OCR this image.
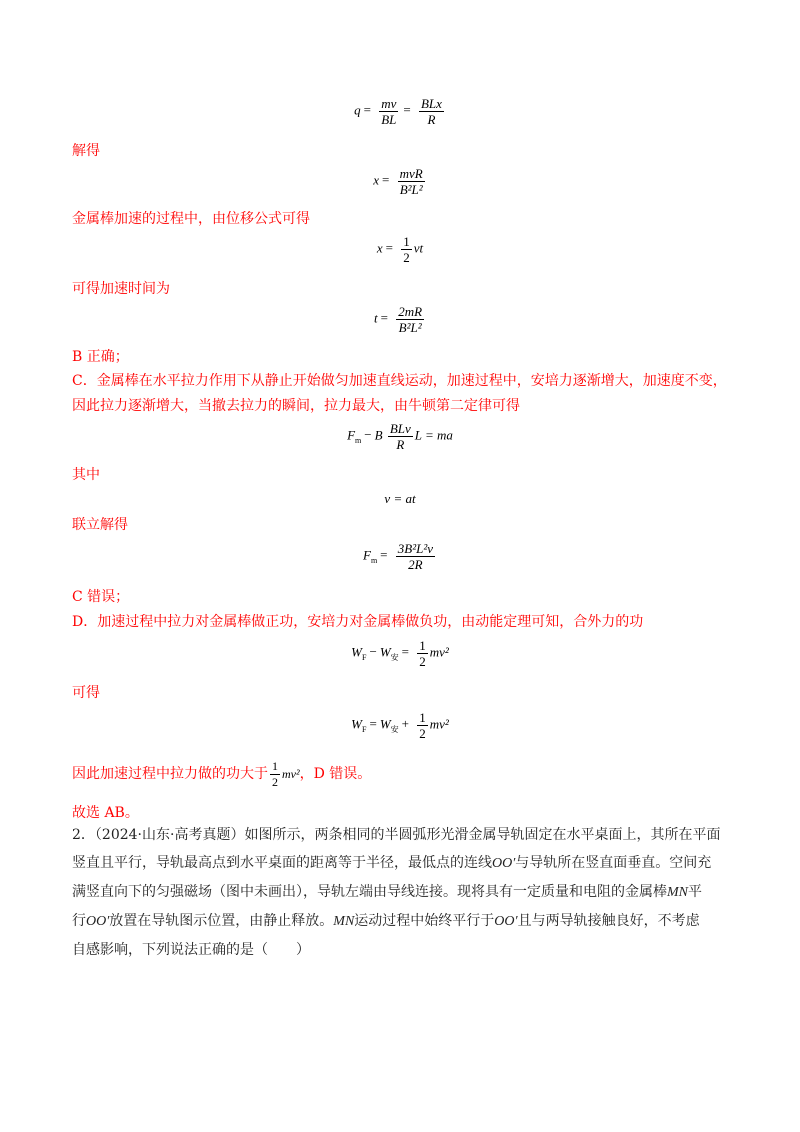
$q = \frac{mv}{BL} = \frac{\text{BLx}}{R}$
解得
$x = \frac{\text{mvR}}{\text{B²L²}}$
金属棒加速的过程中，由位移公式可得
$x = \frac{1}{2}$ vt
可得加速时间为
$t = \frac{2mR}{\text{B²L²}}$
B 正确；
C．金属棒在水平拉力作用下从静止开始做匀加速直线运动，加速过程中，安培力逐渐增大，加速度不变，
因此拉力逐渐增大，当撤去拉力的瞬间，拉力最大，由牛顿第二定律可得
$F_m - B \frac{\text{BLv}}{R}$ L = ma
其中
v = at
联立解得
$F_m = \frac{\text{3B²L²v}}{2R}$
C 错误；
D．加速过程中拉力对金属棒做正功，安培力对金属棒做负功，由动能定理可知，合外力的功
$W_F - W_安 = \frac{1}{2} mv^2$
可得
$W_F = W_安 + \frac{1}{2} mv^2$
因此加速过程中拉力做的功大于 $\frac{1}{2} mv^2$，D 错误。
故选 AB。
2．（2024·山东·高考真题）如图所示，两条相同的半圆弧形光滑金属导轨固定在水平桌面上，其所在平面
竖直且平行，导轨最高点到水平桌面的距离等于半径，最低点的连线OO′与导轨所在竖直面垂直。空间充
满竖直向下的匀强磁场（图中未画出），导轨左端由导线连接。现将具有一定质量和电阻的金属棒MN平
行OO′放置在导轨图示位置，由静止释放。MN运动过程中始终平行于OO′且与两导轨接触良好，不考虑
自感影响，下列说法正确的是（　　）
